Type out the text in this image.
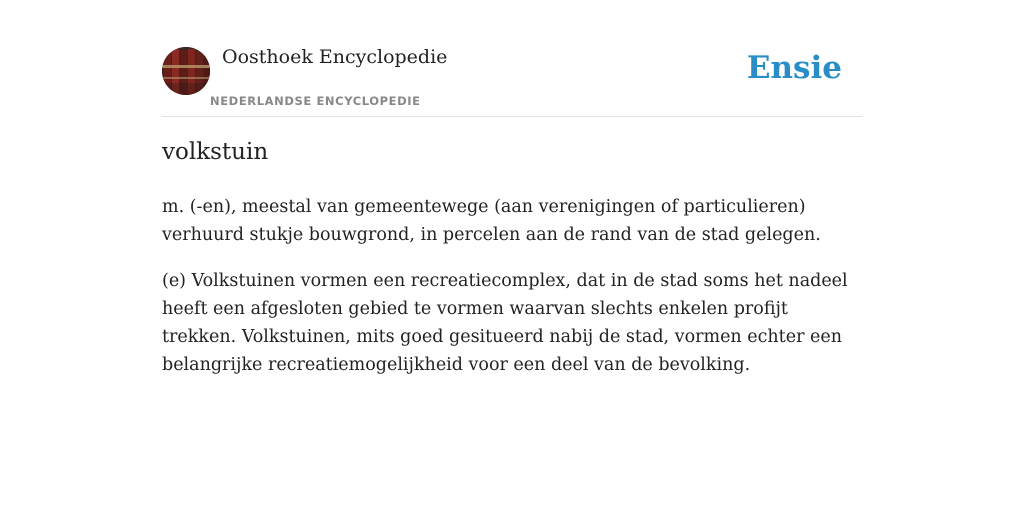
Oosthoek Encyclopedie
NEDERLANDSE ENCYCLOPEDIE
Ensie
volkstuin

m. (-en), meestal van gemeentewege (aan verenigingen of particulieren) verhuurd stukje bouwgrond, in percelen aan de rand van de stad gelegen.

(e) Volkstuinen vormen een recreatiecomplex, dat in de stad soms het nadeel heeft een afgesloten gebied te vormen waarvan slechts enkelen profijt trekken. Volkstuinen, mits goed gesitueerd nabij de stad, vormen echter een belangrijke recreatiemogelijkheid voor een deel van de bevolking.
